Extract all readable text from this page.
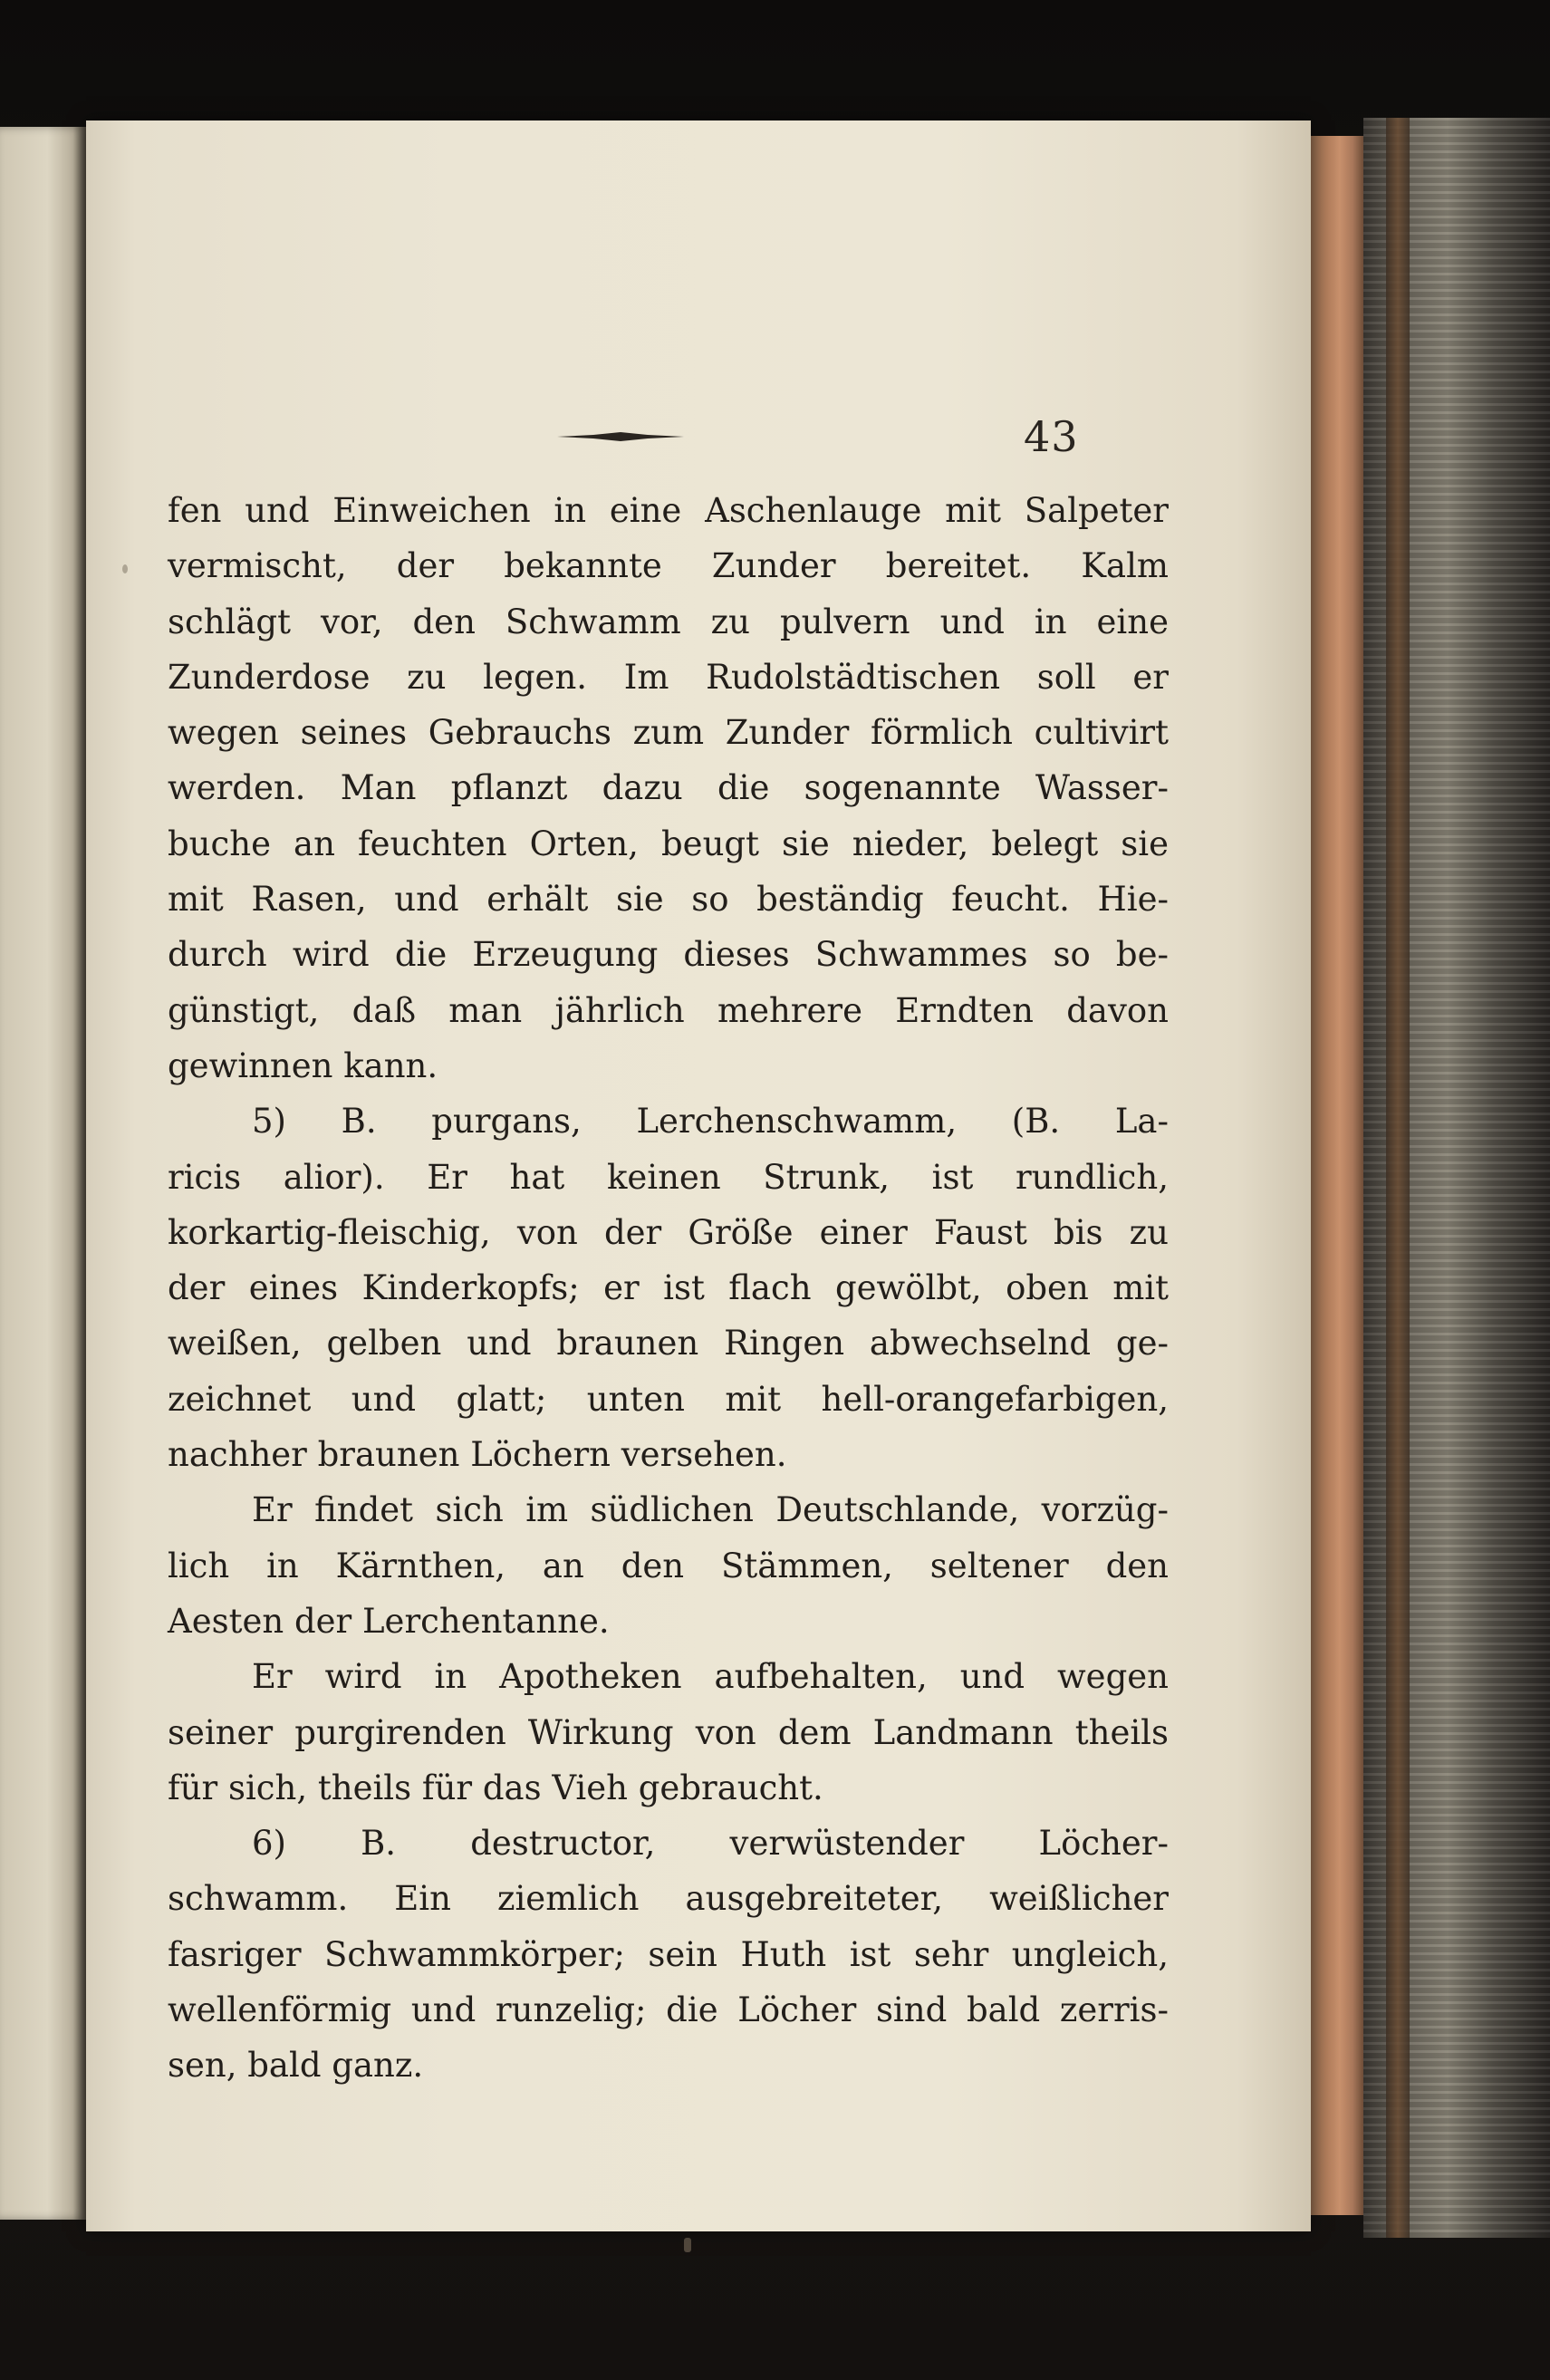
43
fen und Einweichen in eine Aschenlauge mit Salpeter
vermischt, der bekannte Zunder bereitet. Kalm
schlägt vor, den Schwamm zu pulvern und in eine
Zunderdose zu legen. Im Rudolstädtischen soll er
wegen seines Gebrauchs zum Zunder förmlich cultivirt
werden. Man pflanzt dazu die sogenannte Wasser-
buche an feuchten Orten, beugt sie nieder, belegt sie
mit Rasen, und erhält sie so beständig feucht. Hie-
durch wird die Erzeugung dieses Schwammes so be-
günstigt, daß man jährlich mehrere Erndten davon
gewinnen kann.
5) B. purgans, Lerchenschwamm, (B. La-
ricis alior). Er hat keinen Strunk, ist rundlich,
korkartig-fleischig, von der Größe einer Faust bis zu
der eines Kinderkopfs; er ist flach gewölbt, oben mit
weißen, gelben und braunen Ringen abwechselnd ge-
zeichnet und glatt; unten mit hell-orangefarbigen,
nachher braunen Löchern versehen.
Er findet sich im südlichen Deutschlande, vorzüg-
lich in Kärnthen, an den Stämmen, seltener den
Aesten der Lerchentanne.
Er wird in Apotheken aufbehalten, und wegen
seiner purgirenden Wirkung von dem Landmann theils
für sich, theils für das Vieh gebraucht.
6) B. destructor, verwüstender Löcher-
schwamm. Ein ziemlich ausgebreiteter, weißlicher
fasriger Schwammkörper; sein Huth ist sehr ungleich,
wellenförmig und runzelig; die Löcher sind bald zerris-
sen, bald ganz.
